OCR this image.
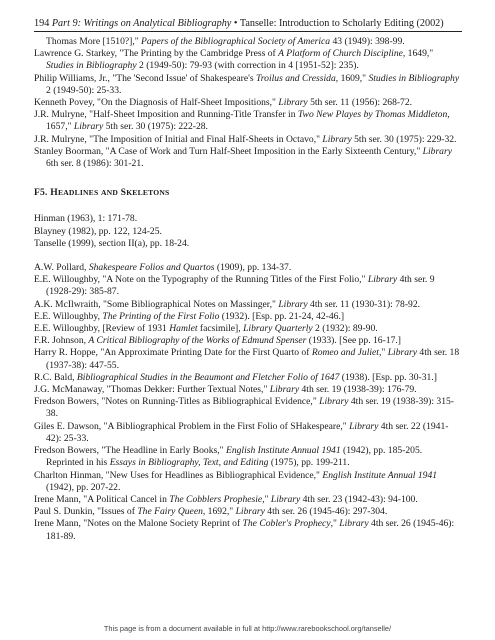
194 Part 9: Writings on Analytical Bibliography • Tanselle: Introduction to Scholarly Editing (2002)

Thomas More [1510?]," Papers of the Bibliographical Society of America 43 (1949): 398-99.

Lawrence G. Starkey, "The Printing by the Cambridge Press of A Platform of Church Discipline, 1649," Studies in Bibliography 2 (1949-50): 79-93 (with correction in 4 [1951-52]: 235).

Philip Williams, Jr., "The 'Second Issue' of Shakespeare's Troilus and Cressida, 1609," Studies in Bibliography 2 (1949-50): 25-33.

Kenneth Povey, "On the Diagnosis of Half-Sheet Impositions," Library 5th ser. 11 (1956): 268-72.

J.R. Mulryne, "Half-Sheet Imposition and Running-Title Transfer in Two New Playes by Thomas Middleton, 1657," Library 5th ser. 30 (1975): 222-28.

J.R. Mulryne, "The Imposition of Initial and Final Half-Sheets in Octavo," Library 5th ser. 30 (1975): 229-32.

Stanley Boorman, "A Case of Work and Turn Half-Sheet Imposition in the Early Sixteenth Century," Library 6th ser. 8 (1986): 301-21.

F5. HEADLINES AND SKELETONS

Hinman (1963), 1: 171-78.

Blayney (1982), pp. 122, 124-25.

Tanselle (1999), section II(a), pp. 18-24.

A.W. Pollard, Shakespeare Folios and Quartos (1909), pp. 134-37.

E.E. Willoughby, "A Note on the Typography of the Running Titles of the First Folio," Library 4th ser. 9 (1928-29): 385-87.

A.K. McIlwraith, "Some Bibliographical Notes on Massinger," Library 4th ser. 11 (1930-31): 78-92.

E.E. Willoughby, The Printing of the First Folio (1932). [Esp. pp. 21-24, 42-46.]

E.E. Willoughby, [Review of 1931 Hamlet facsimile], Library Quarterly 2 (1932): 89-90.

F.R. Johnson, A Critical Bibliography of the Works of Edmund Spenser (1933). [See pp. 16-17.]

Harry R. Hoppe, "An Approximate Printing Date for the First Quarto of Romeo and Juliet," Library 4th ser. 18 (1937-38): 447-55.

R.C. Bald, Bibliographical Studies in the Beaumont and Fletcher Folio of 1647 (1938). [Esp. pp. 30-31.]

J.G. McManaway, "Thomas Dekker: Further Textual Notes," Library 4th ser. 19 (1938-39): 176-79.

Fredson Bowers, "Notes on Running-Titles as Bibliographical Evidence," Library 4th ser. 19 (1938-39): 315-38.

Giles E. Dawson, "A Bibliographical Problem in the First Folio of SHakespeare," Library 4th ser. 22 (1941-42): 25-33.

Fredson Bowers, "The Headline in Early Books," English Institute Annual 1941 (1942), pp. 185-205. Reprinted in his Essays in Bibliography, Text, and Editing (1975), pp. 199-211.

Charlton Hinman, "New Uses for Headlines as Bibliographical Evidence," English Institute Annual 1941 (1942), pp. 207-22.

Irene Mann, "A Political Cancel in The Cobblers Prophesie," Library 4th ser. 23 (1942-43): 94-100.

Paul S. Dunkin, "Issues of The Fairy Queen, 1692," Library 4th ser. 26 (1945-46): 297-304.

Irene Mann, "Notes on the Malone Society Reprint of The Cobler's Prophecy," Library 4th ser. 26 (1945-46): 181-89.

This page is from a document available in full at http://www.rarebookschool.org/tanselle/
